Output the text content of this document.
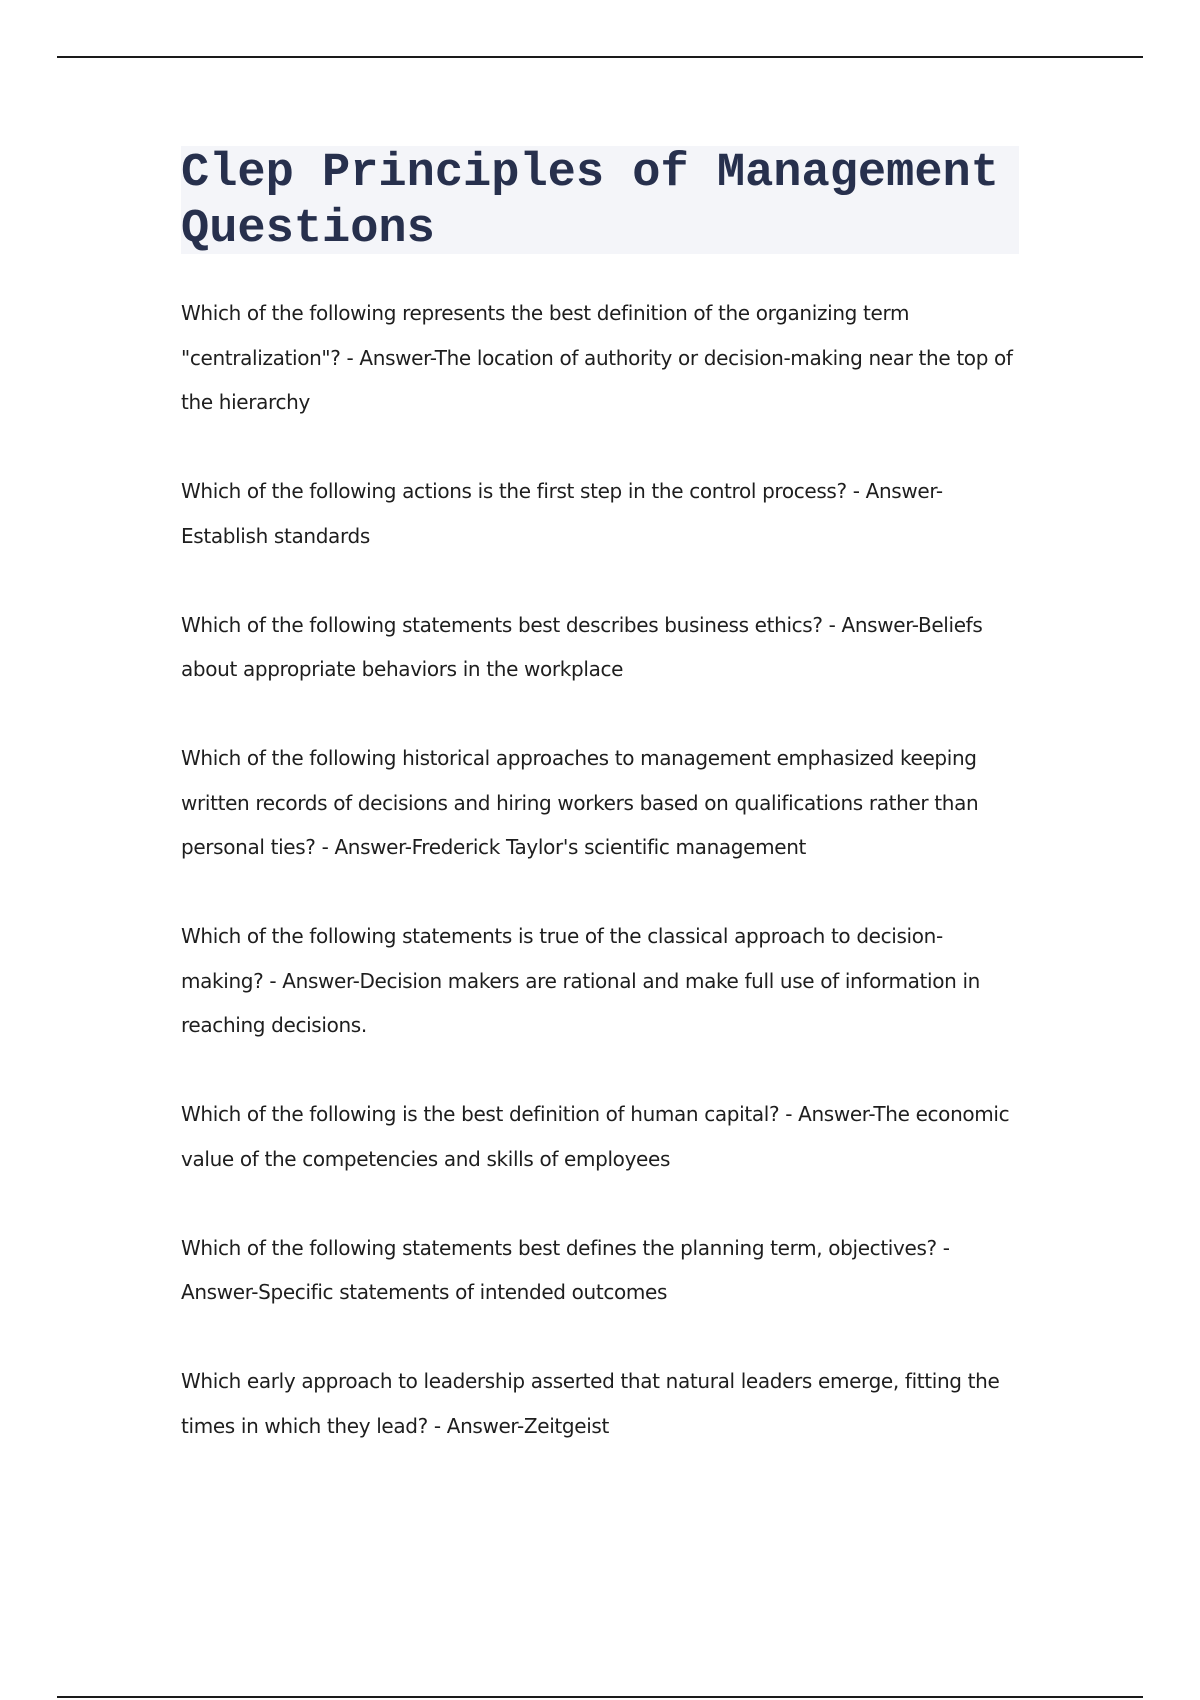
Clep Principles of Management Questions

Which of the following represents the best definition of the organizing term "centralization"? - Answer-The location of authority or decision-making near the top of the hierarchy

Which of the following actions is the first step in the control process? - Answer-Establish standards

Which of the following statements best describes business ethics? - Answer-Beliefs about appropriate behaviors in the workplace

Which of the following historical approaches to management emphasized keeping written records of decisions and hiring workers based on qualifications rather than personal ties? - Answer-Frederick Taylor's scientific management

Which of the following statements is true of the classical approach to decision-making? - Answer-Decision makers are rational and make full use of information in reaching decisions.

Which of the following is the best definition of human capital? - Answer-The economic value of the competencies and skills of employees

Which of the following statements best defines the planning term, objectives? - Answer-Specific statements of intended outcomes

Which early approach to leadership asserted that natural leaders emerge, fitting the times in which they lead? - Answer-Zeitgeist
